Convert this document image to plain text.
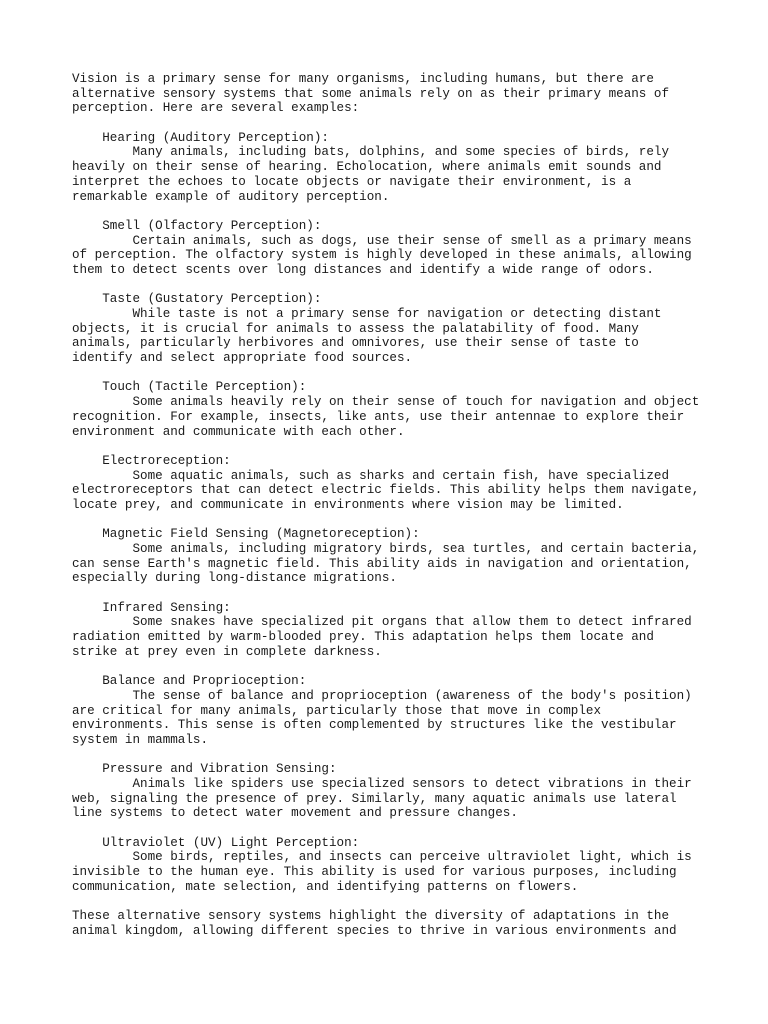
Vision is a primary sense for many organisms, including humans, but there are
alternative sensory systems that some animals rely on as their primary means of
perception. Here are several examples:
Hearing (Auditory Perception):
Many animals, including bats, dolphins, and some species of birds, rely
heavily on their sense of hearing. Echolocation, where animals emit sounds and
interpret the echoes to locate objects or navigate their environment, is a
remarkable example of auditory perception.
Smell (Olfactory Perception):
Certain animals, such as dogs, use their sense of smell as a primary means
of perception. The olfactory system is highly developed in these animals, allowing
them to detect scents over long distances and identify a wide range of odors.
Taste (Gustatory Perception):
While taste is not a primary sense for navigation or detecting distant
objects, it is crucial for animals to assess the palatability of food. Many
animals, particularly herbivores and omnivores, use their sense of taste to
identify and select appropriate food sources.
Touch (Tactile Perception):
Some animals heavily rely on their sense of touch for navigation and object
recognition. For example, insects, like ants, use their antennae to explore their
environment and communicate with each other.
Electroreception:
Some aquatic animals, such as sharks and certain fish, have specialized
electroreceptors that can detect electric fields. This ability helps them navigate,
locate prey, and communicate in environments where vision may be limited.
Magnetic Field Sensing (Magnetoreception):
Some animals, including migratory birds, sea turtles, and certain bacteria,
can sense Earth's magnetic field. This ability aids in navigation and orientation,
especially during long-distance migrations.
Infrared Sensing:
Some snakes have specialized pit organs that allow them to detect infrared
radiation emitted by warm-blooded prey. This adaptation helps them locate and
strike at prey even in complete darkness.
Balance and Proprioception:
The sense of balance and proprioception (awareness of the body's position)
are critical for many animals, particularly those that move in complex
environments. This sense is often complemented by structures like the vestibular
system in mammals.
Pressure and Vibration Sensing:
Animals like spiders use specialized sensors to detect vibrations in their
web, signaling the presence of prey. Similarly, many aquatic animals use lateral
line systems to detect water movement and pressure changes.
Ultraviolet (UV) Light Perception:
Some birds, reptiles, and insects can perceive ultraviolet light, which is
invisible to the human eye. This ability is used for various purposes, including
communication, mate selection, and identifying patterns on flowers.
These alternative sensory systems highlight the diversity of adaptations in the
animal kingdom, allowing different species to thrive in various environments and
